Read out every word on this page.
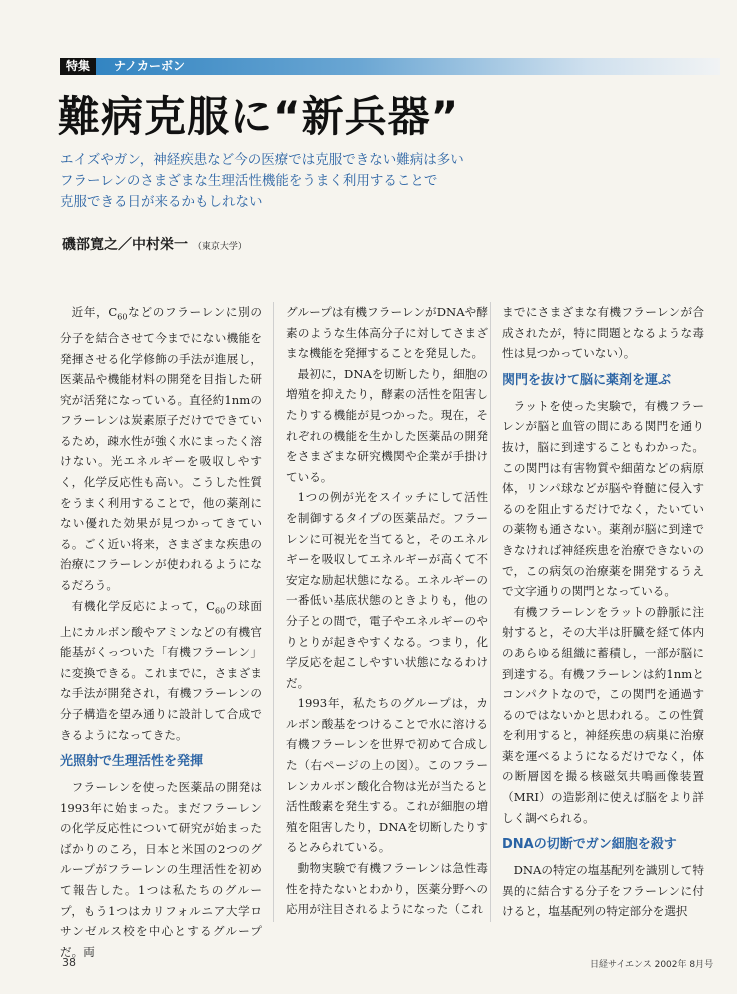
特集	ナノカーボン
難病克服に“新兵器”
エイズやガン，神経疾患など今の医療では克服できない難病は多い
フラーレンのさまざまな生理活性機能をうまく利用することで
克服できる日が来るかもしれない
磯部寛之／中村栄一 （東京大学）

近年，$C_{60}$などのフラーレンに別の分子を結合させて今までにない機能を発揮させる化学修飾の手法が進展し，医薬品や機能材料の開発を目指した研究が活発になっている。直径約1nmのフラーレンは炭素原子だけでできているため，疎水性が強く水にまったく溶けない。光エネルギーを吸収しやすく，化学反応性も高い。こうした性質をうまく利用することで，他の薬剤にない優れた効果が見つかってきている。ごく近い将来，さまざまな疾患の治療にフラーレンが使われるようになるだろう。

有機化学反応によって，$C_{60}$の球面上にカルボン酸やアミンなどの有機官能基がくっついた「有機フラーレン」に変換できる。これまでに，さまざまな手法が開発され，有機フラーレンの分子構造を望み通りに設計して合成できるようになってきた。

光照射で生理活性を発揮

フラーレンを使った医薬品の開発は1993年に始まった。まだフラーレンの化学反応性について研究が始まったばかりのころ，日本と米国の2つのグループがフラーレンの生理活性を初めて報告した。1つは私たちのグループ，もう1つはカリフォルニア大学ロサンゼルス校を中心とするグループだ。両

グループは有機フラーレンがDNAや酵素のような生体高分子に対してさまざまな機能を発揮することを発見した。

最初に，DNAを切断したり，細胞の増殖を抑えたり，酵素の活性を阻害したりする機能が見つかった。現在，それぞれの機能を生かした医薬品の開発をさまざまな研究機関や企業が手掛けている。

1つの例が光をスイッチにして活性を制御するタイプの医薬品だ。フラーレンに可視光を当てると，そのエネルギーを吸収してエネルギーが高くて不安定な励起状態になる。エネルギーの一番低い基底状態のときよりも，他の分子との間で，電子やエネルギーのやりとりが起きやすくなる。つまり，化学反応を起こしやすい状態になるわけだ。

1993年，私たちのグループは，カルボン酸基をつけることで水に溶ける有機フラーレンを世界で初めて合成した（右ページの上の図）。このフラーレンカルボン酸化合物は光が当たると活性酸素を発生する。これが細胞の増殖を阻害したり，DNAを切断したりするとみられている。

動物実験で有機フラーレンは急性毒性を持たないとわかり，医薬分野への応用が注目されるようになった（これ

までにさまざまな有機フラーレンが合成されたが，特に問題となるような毒性は見つかっていない）。

関門を抜けて脳に薬剤を運ぶ

ラットを使った実験で，有機フラーレンが脳と血管の間にある関門を通り抜け，脳に到達することもわかった。この関門は有害物質や細菌などの病原体，リンパ球などが脳や脊髄に侵入するのを阻止するだけでなく，たいていの薬物も通さない。薬剤が脳に到達できなければ神経疾患を治療できないので，この病気の治療薬を開発するうえで文字通りの関門となっている。

有機フラーレンをラットの静脈に注射すると，その大半は肝臓を経て体内のあらゆる組織に蓄積し，一部が脳に到達する。有機フラーレンは約1nmとコンパクトなので，この関門を通過するのではないかと思われる。この性質を利用すると，神経疾患の病巣に治療薬を運べるようになるだけでなく，体の断層図を撮る核磁気共鳴画像装置（MRI）の造影剤に使えば脳をより詳しく調べられる。

DNAの切断でガン細胞を殺す

DNAの特定の塩基配列を識別して特異的に結合する分子をフラーレンに付けると，塩基配列の特定部分を選択

38	日経サイエンス 2002年 8月号
